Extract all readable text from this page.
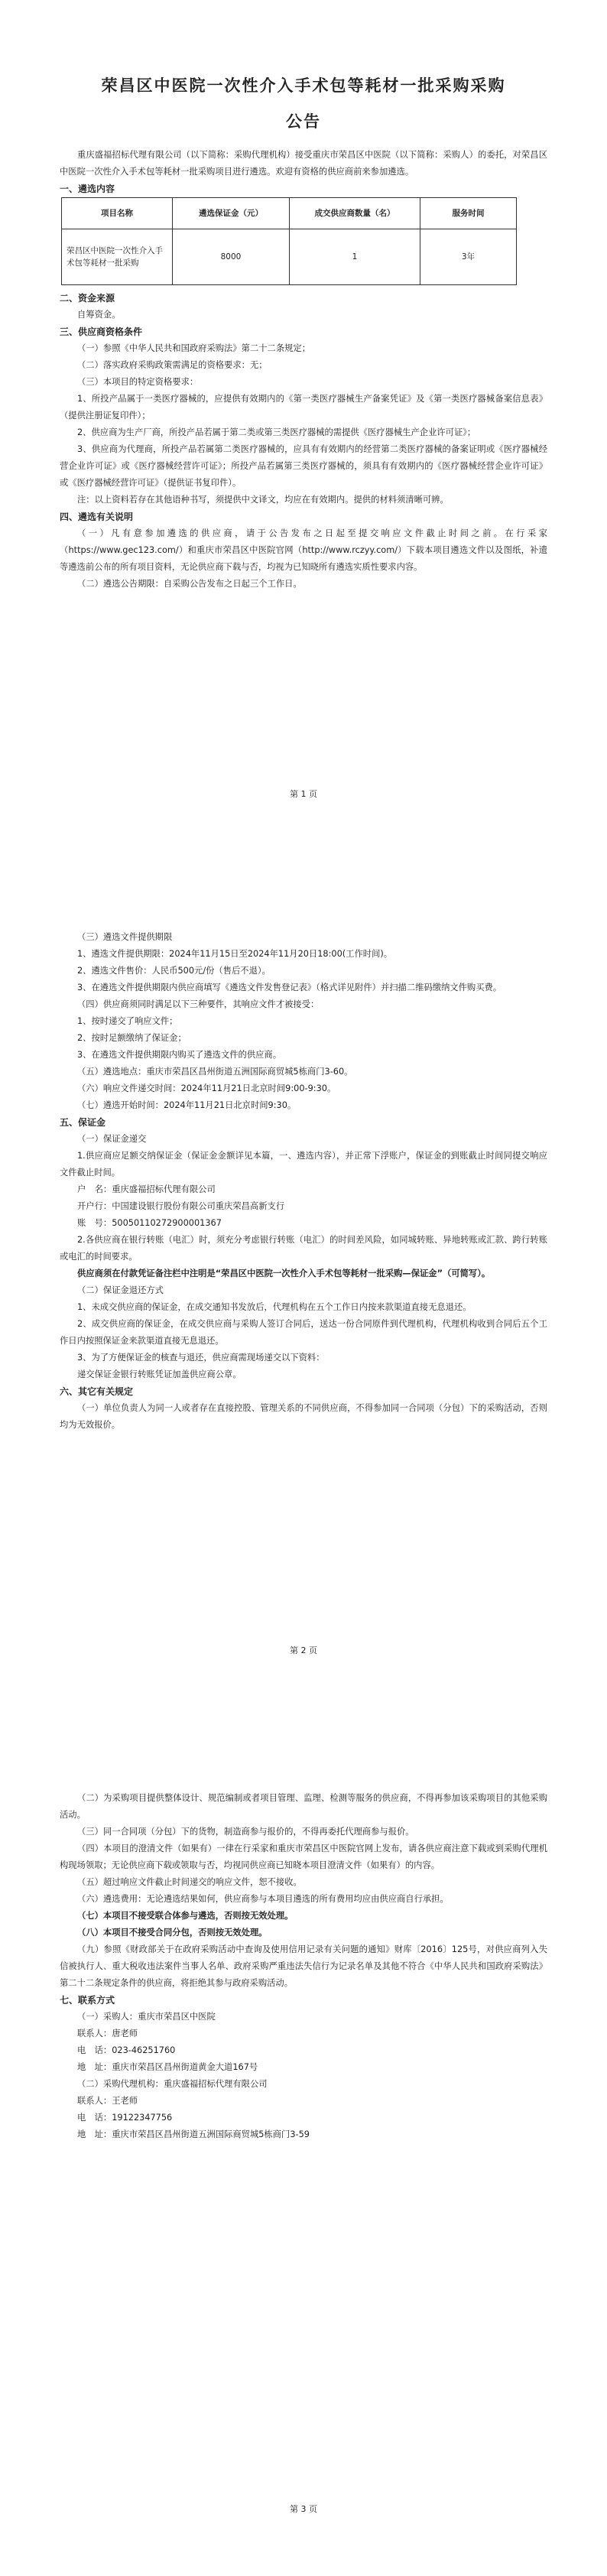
荣昌区中医院一次性介入手术包等耗材一批采购采购
公告

重庆盛福招标代理有限公司（以下简称：采购代理机构）接受重庆市荣昌区中医院（以下简称：采购人）的委托，对荣昌区中医院一次性介入手术包等耗材一批采购项目进行遴选。欢迎有资格的供应商前来参加遴选。

一、遴选内容

项目名称	遴选保证金（元）	成交供应商数量（名）	服务时间
荣昌区中医院一次性介入手术包等耗材一批采购	8000	1	3年

二、资金来源

自筹资金。

三、供应商资格条件

（一）参照《中华人民共和国政府采购法》第二十二条规定；

（二）落实政府采购政策需满足的资格要求：无；

（三）本项目的特定资格要求：

1、所投产品属于一类医疗器械的，应提供有效期内的《第一类医疗器械生产备案凭证》及《第一类医疗器械备案信息表》（提供注册证复印件）；

2、供应商为生产厂商，所投产品若属于第二类或第三类医疗器械的需提供《医疗器械生产企业许可证》；

3、供应商为代理商，所投产品若属第二类医疗器械的，应具有有效期内的经营第二类医疗器械的备案证明或《医疗器械经营企业许可证》或《医疗器械经营许可证》；所投产品若属第三类医疗器械的，须具有有效期内的《医疗器械经营企业许可证》或《医疗器械经营许可证》（提供证书复印件）。

注：以上资料若存在其他语种书写，须提供中文译文，均应在有效期内。提供的材料须清晰可辨。

四、遴选有关说明

（一）凡有意参加遴选的供应商，请于公告发布之日起至提交响应文件截止时间之前。在行采家（https://www.gec123.com/）和重庆市荣昌区中医院官网（http://www.rczyy.com/）下载本项目遴选文件以及图纸，补遗等遴选前公布的所有项目资料，无论供应商下载与否，均视为已知晓所有遴选实质性要求内容。

（二）遴选公告期限：自采购公告发布之日起三个工作日。

第 1 页

（三）遴选文件提供期限

1、遴选文件提供期限：2024年11月15日至2024年11月20日18:00(工作时间)。

2、遴选文件售价：人民币500元/份（售后不退）。

3、在遴选文件提供期限内供应商填写《遴选文件发售登记表》（格式详见附件）并扫描二维码缴纳文件购买费。

（四）供应商须同时满足以下三种要件，其响应文件才被接受：

1、按时递交了响应文件；

2、按时足额缴纳了保证金；

3、在遴选文件提供期限内购买了遴选文件的供应商。

（五）遴选地点：重庆市荣昌区昌州街道五洲国际商贸城5栋商门3-60。

（六）响应文件递交时间：2024年11月21日北京时间9:00-9:30。

（七）遴选开始时间：2024年11月21日北京时间9:30。

五、保证金

（一）保证金递交

1.供应商应足额交纳保证金（保证金金额详见本篇，一、遴选内容），并正常下浮账户，保证金的到账截止时间同提交响应文件截止时间。

户　名：重庆盛福招标代理有限公司

开户行：中国建设银行股份有限公司重庆荣昌高新支行

账　号：50050110272900001367

2.各供应商在银行转账（电汇）时，须充分考虑银行转账（电汇）的时间差风险，如同城转账、异地转账或汇款、跨行转账或电汇的时间要求。

供应商须在付款凭证备注栏中注明是“荣昌区中医院一次性介入手术包等耗材一批采购—保证金”（可简写）。

（二）保证金退还方式

1、未成交供应商的保证金，在成交通知书发放后，代理机构在五个工作日内按来款渠道直接无息退还。

2、成交供应商的保证金，在成交供应商与采购人签订合同后，送达一份合同原件到代理机构，代理机构收到合同后五个工作日内按照保证金来款渠道直接无息退还。

3、为了方便保证金的核查与退还，供应商需现场递交以下资料：

递交保证金银行转账凭证加盖供应商公章。

六、其它有关规定

（一）单位负责人为同一人或者存在直接控股、管理关系的不同供应商，不得参加同一合同项（分包）下的采购活动，否则均为无效报价。

第 2 页

（二）为采购项目提供整体设计、规范编制或者项目管理、监理、检测等服务的供应商，不得再参加该采购项目的其他采购活动。

（三）同一合同项（分包）下的货物，制造商参与报价的，不得再委托代理商参与报价。

（四）本项目的澄清文件（如果有）一律在行采家和重庆市荣昌区中医院官网上发布，请各供应商注意下载或到采购代理机构现场领取；无论供应商下载或领取与否，均视同供应商已知晓本项目澄清文件（如果有）的内容。

（五）超过响应文件截止时间递交的响应文件，恕不接收。

（六）遴选费用：无论遴选结果如何，供应商参与本项目遴选的所有费用均应由供应商自行承担。

（七）本项目不接受联合体参与遴选，否则按无效处理。

（八）本项目不接受合同分包，否则按无效处理。

（九）参照《财政部关于在政府采购活动中查询及使用信用记录有关问题的通知》财库〔2016〕125号，对供应商列入失信被执行人、重大税收违法案件当事人名单、政府采购严重违法失信行为记录名单及其他不符合《中华人民共和国政府采购法》第二十二条规定条件的供应商，将拒绝其参与政府采购活动。

七、联系方式

（一）采购人：重庆市荣昌区中医院

联系人：唐老师

电　话：023-46251760

地　址：重庆市荣昌区昌州街道黄金大道167号

（二）采购代理机构：重庆盛福招标代理有限公司

联系人：王老师

电　话：19122347756

地　址：重庆市荣昌区昌州街道五洲国际商贸城5栋商门3-59

第 3 页
